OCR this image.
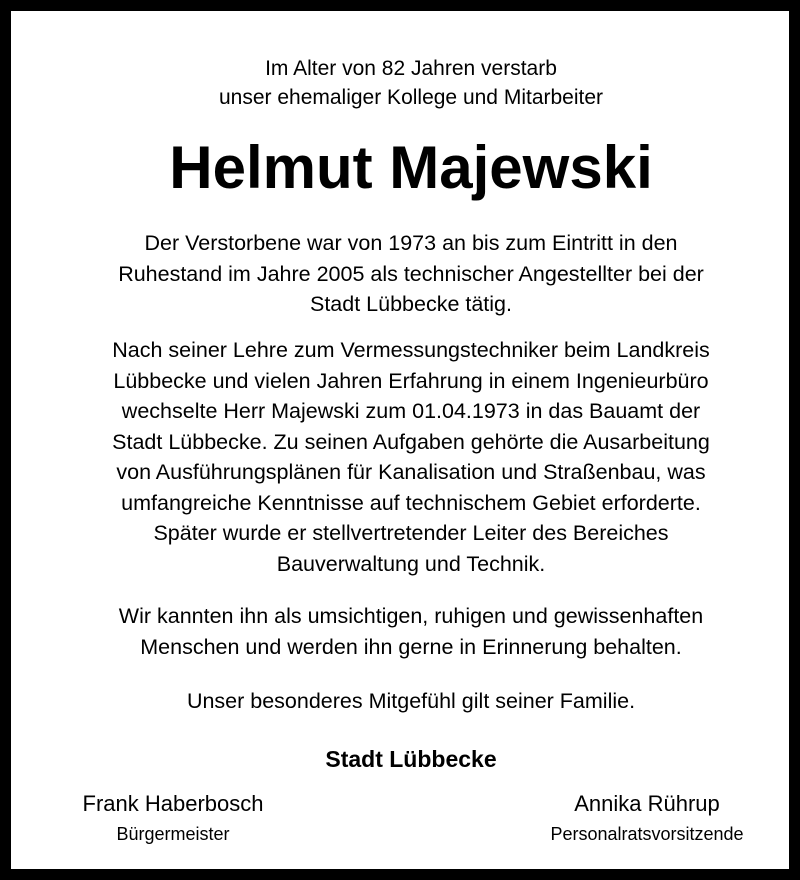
Im Alter von 82 Jahren verstarb
unser ehemaliger Kollege und Mitarbeiter

Helmut Majewski

Der Verstorbene war von 1973 an bis zum Eintritt in den
Ruhestand im Jahre 2005 als technischer Angestellter bei der
Stadt Lübbecke tätig.

Nach seiner Lehre zum Vermessungstechniker beim Landkreis
Lübbecke und vielen Jahren Erfahrung in einem Ingenieurbüro
wechselte Herr Majewski zum 01.04.1973 in das Bauamt der
Stadt Lübbecke. Zu seinen Aufgaben gehörte die Ausarbeitung
von Ausführungsplänen für Kanalisation und Straßenbau, was
umfangreiche Kenntnisse auf technischem Gebiet erforderte.
Später wurde er stellvertretender Leiter des Bereiches
Bauverwaltung und Technik.

Wir kannten ihn als umsichtigen, ruhigen und gewissenhaften
Menschen und werden ihn gerne in Erinnerung behalten.

Unser besonderes Mitgefühl gilt seiner Familie.

Stadt Lübbecke
Frank Haberbosch
Bürgermeister
Annika Rührup
Personalratsvorsitzende
